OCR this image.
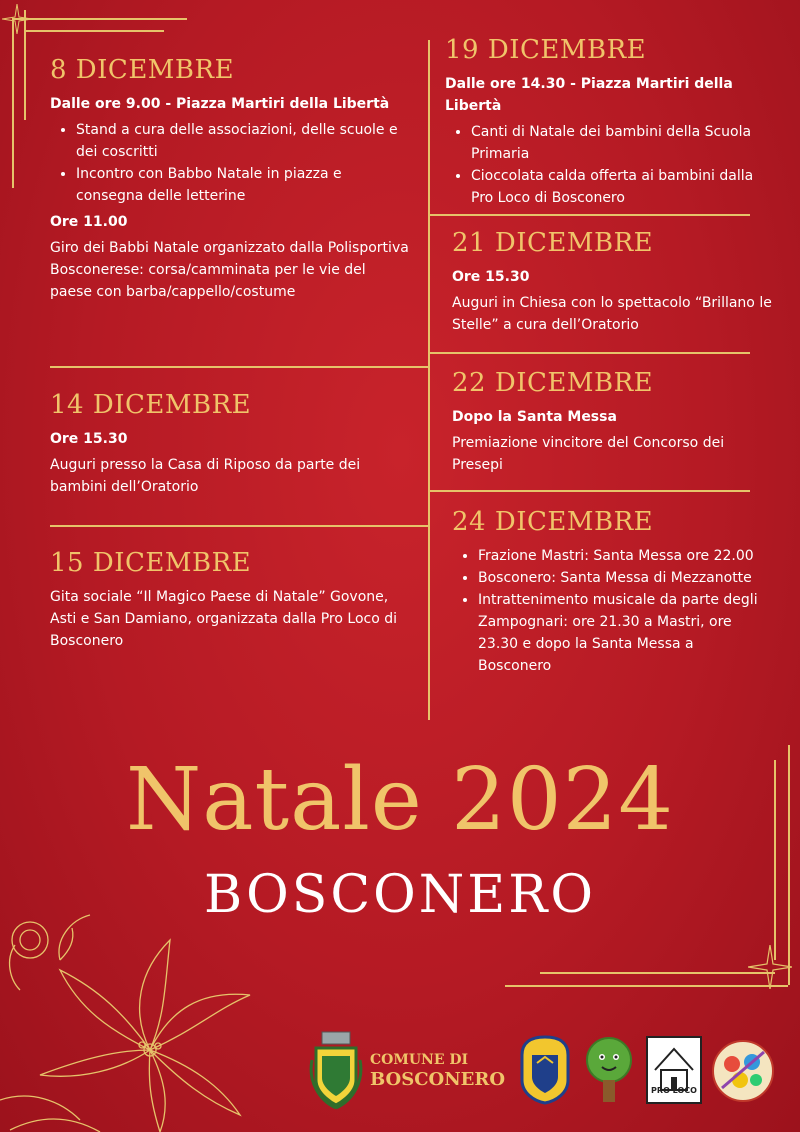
8 DICEMBRE

Dalle ore 9.00 - Piazza Martiri della Libertà

• Stand a cura delle associazioni, delle scuole e dei coscritti
• Incontro con Babbo Natale in piazza e consegna delle letterine

Ore 11.00

Giro dei Babbi Natale organizzato dalla Polisportiva Bosconerese: corsa/camminata per le vie del paese con barba/cappello/costume

14 DICEMBRE

Ore 15.30

Auguri presso la Casa di Riposo da parte dei bambini dell’Oratorio

15 DICEMBRE

Gita sociale “Il Magico Paese di Natale” Govone, Asti e San Damiano, organizzata dalla Pro Loco di Bosconero

19 DICEMBRE

Dalle ore 14.30 - Piazza Martiri della Libertà

• Canti di Natale dei bambini della Scuola Primaria
• Cioccolata calda offerta ai bambini dalla Pro Loco di Bosconero
21 DICEMBRE

Ore 15.30

Auguri in Chiesa con lo spettacolo “Brillano le Stelle” a cura dell’Oratorio

22 DICEMBRE

Dopo la Santa Messa

Premiazione vincitore del Concorso dei Presepi

24 DICEMBRE
• Frazione Mastri: Santa Messa ore 22.00
• Bosconero: Santa Messa di Mezzanotte
• Intrattenimento musicale da parte degli Zampognari: ore 21.30 a Mastri, ore 23.30 e dopo la Santa Messa a Bosconero
Natale 2024
BOSCONERO
COMUNE DI
BOSCONERO
PRO LOCO
